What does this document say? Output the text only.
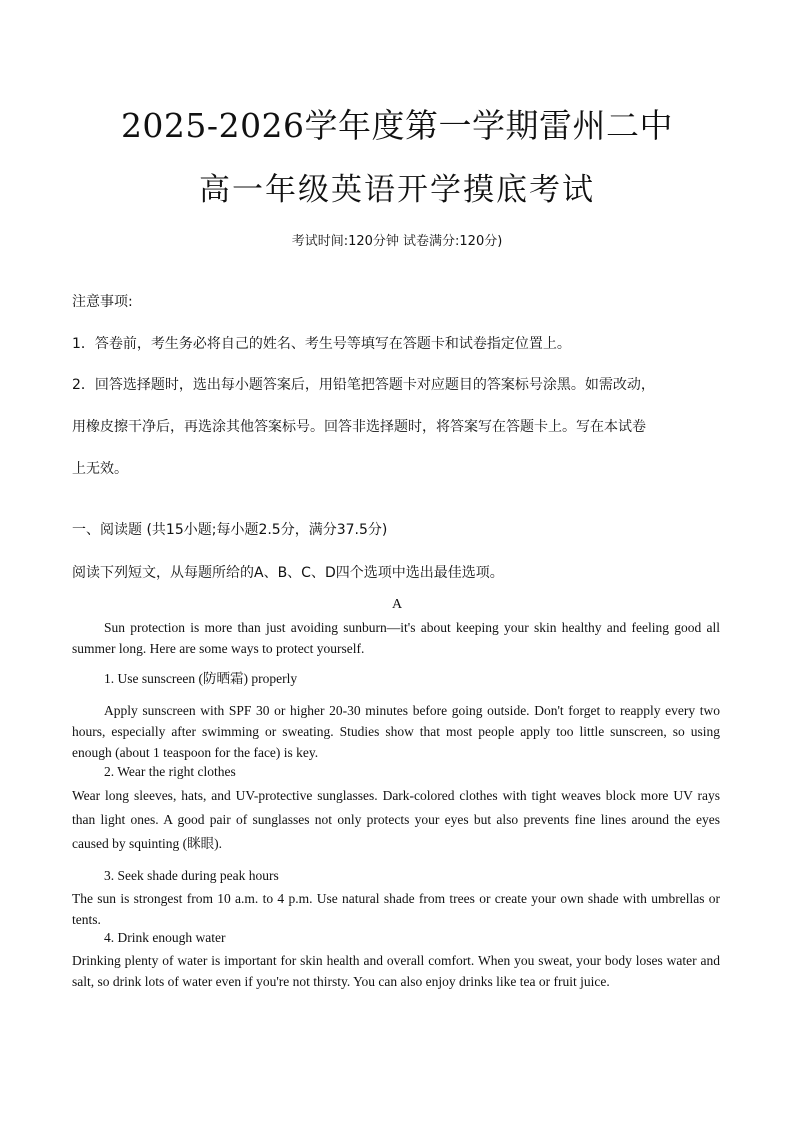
2025-2026学年度第一学期雷州二中
高一年级英语开学摸底考试
考试时间:120分钟 试卷满分:120分)
注意事项:
1．答卷前，考生务必将自己的姓名、考生号等填写在答题卡和试卷指定位置上。
2．回答选择题时，选出每小题答案后，用铅笔把答题卡对应题目的答案标号涂黑。如需改动，
用橡皮擦干净后，再选涂其他答案标号。回答非选择题时，将答案写在答题卡上。写在本试卷
上无效。
一、阅读题 (共15小题;每小题2.5分，满分37.5分)
阅读下列短文，从每题所给的A、B、C、D四个选项中选出最佳选项。
A
Sun protection is more than just avoiding sunburn—it's about keeping your skin healthy and feeling good all summer long. Here are some ways to protect yourself.
1. Use sunscreen (防晒霜) properly
Apply sunscreen with SPF 30 or higher 20-30 minutes before going outside. Don't forget to reapply every two hours, especially after swimming or sweating. Studies show that most people apply too little sunscreen, so using enough (about 1 teaspoon for the face) is key.
2. Wear the right clothes
Wear long sleeves, hats, and UV-protective sunglasses. Dark-colored clothes with tight weaves block more UV rays than light ones. A good pair of sunglasses not only protects your eyes but also prevents fine lines around the eyes caused by squinting (眯眼).
3. Seek shade during peak hours
The sun is strongest from 10 a.m. to 4 p.m. Use natural shade from trees or create your own shade with umbrellas or tents.
4. Drink enough water
Drinking plenty of water is important for skin health and overall comfort. When you sweat, your body loses water and salt, so drink lots of water even if you're not thirsty. You can also enjoy drinks like tea or fruit juice.
